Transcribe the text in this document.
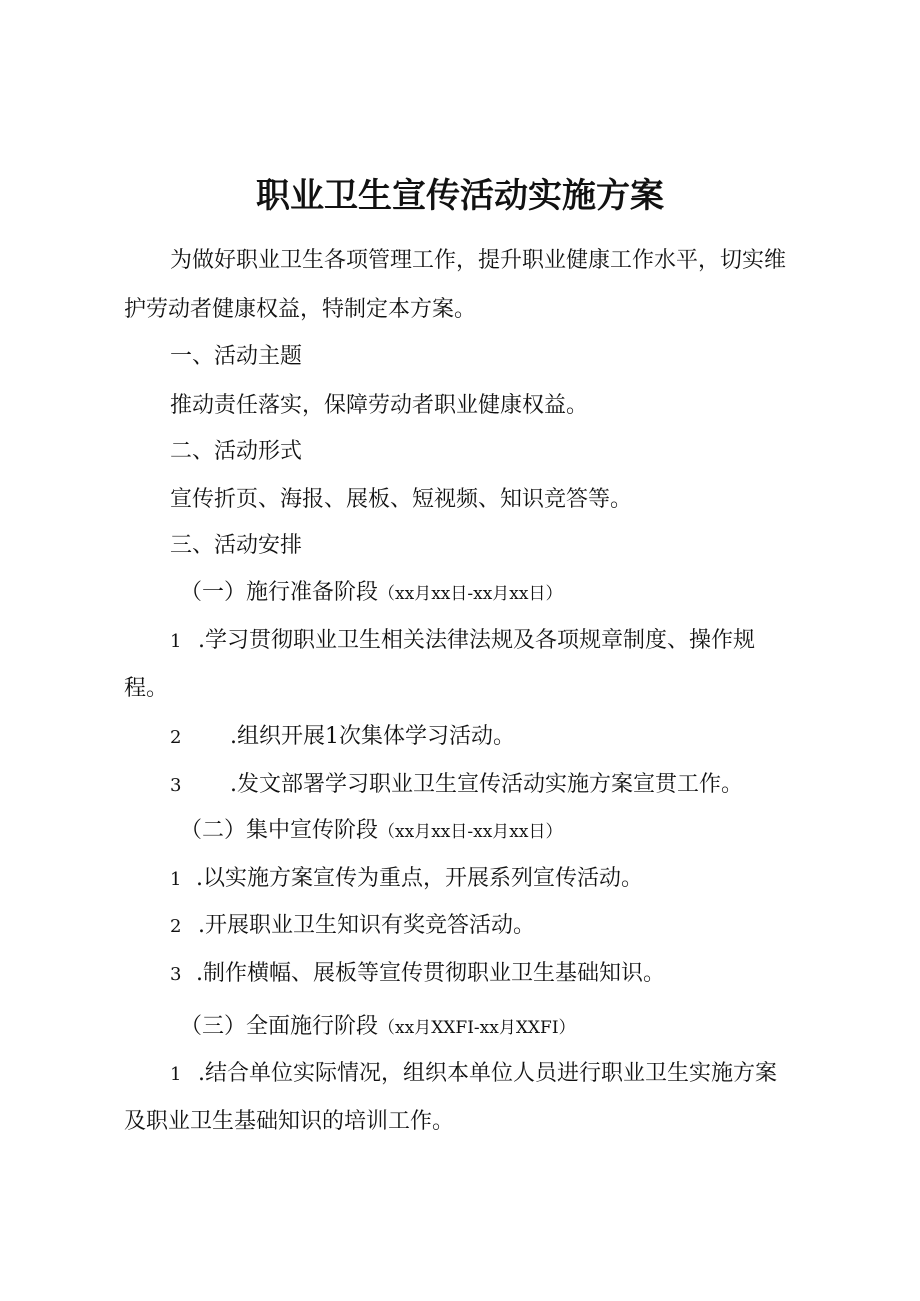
职业卫生宣传活动实施方案

为做好职业卫生各项管理工作，提升职业健康工作水平，切实维

护劳动者健康权益，特制定本方案。

一、活动主题

推动责任落实，保障劳动者职业健康权益。

二、活动形式

宣传折页、海报、展板、短视频、知识竞答等。

三、活动安排

（一）施行准备阶段（xx月xx日-xx月xx日）

1 .学习贯彻职业卫生相关法律法规及各项规章制度、操作规

程。

2 .组织开展1次集体学习活动。

3 .发文部署学习职业卫生宣传活动实施方案宣贯工作。

（二）集中宣传阶段（xx月xx日-xx月xx日）

1 .以实施方案宣传为重点，开展系列宣传活动。

2 .开展职业卫生知识有奖竞答活动。

3 .制作横幅、展板等宣传贯彻职业卫生基础知识。

（三）全面施行阶段（xx月XXFI-xx月XXFI）

1 .结合单位实际情况，组织本单位人员进行职业卫生实施方案

及职业卫生基础知识的培训工作。
